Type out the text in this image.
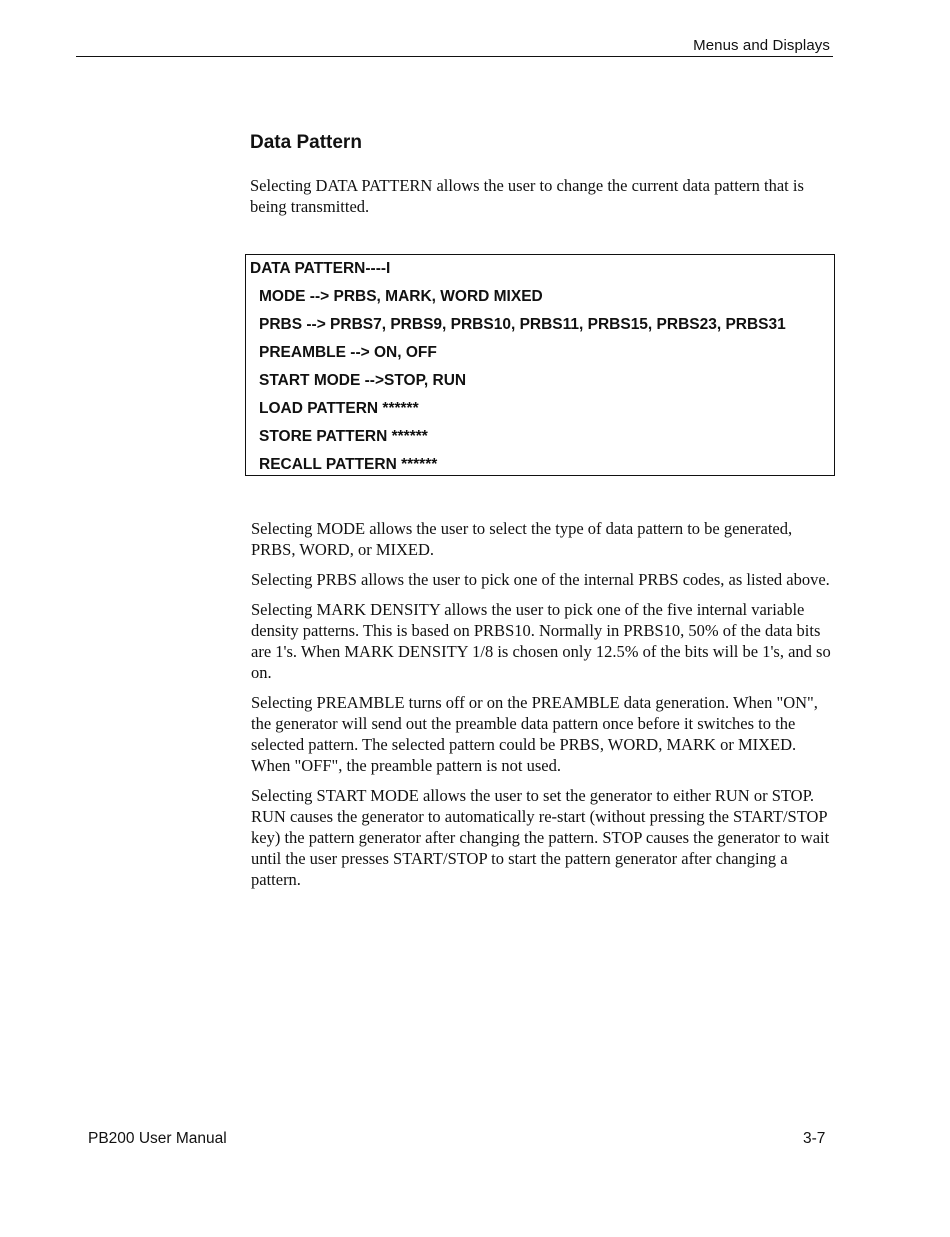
Menus and Displays
Data Pattern

Selecting DATA PATTERN allows the user to change the current data pattern that is being transmitted.

DATA PATTERN----I
MODE --> PRBS, MARK, WORD MIXED
PRBS --> PRBS7, PRBS9, PRBS10, PRBS11, PRBS15, PRBS23, PRBS31
PREAMBLE --> ON, OFF
START MODE -->STOP, RUN
LOAD PATTERN ******
STORE PATTERN ******
RECALL PATTERN ******

Selecting MODE allows the user to select the type of data pattern to be generated, PRBS, WORD, or MIXED.

Selecting PRBS allows the user to pick one of the internal PRBS codes, as listed above.

Selecting MARK DENSITY allows the user to pick one of the five internal variable density patterns. This is based on PRBS10. Normally in PRBS10, 50% of the data bits are 1's. When MARK DENSITY 1/8 is chosen only 12.5% of the bits will be 1's, and so on.

Selecting PREAMBLE turns off or on the PREAMBLE data generation. When "ON", the generator will send out the preamble data pattern once before it switches to the selected pattern. The selected pattern could be PRBS, WORD, MARK or MIXED. When "OFF", the preamble pattern is not used.

Selecting START MODE allows the user to set the generator to either RUN or STOP. RUN causes the generator to automatically re-start (without pressing the START/STOP key) the pattern generator after changing the pattern. STOP causes the generator to wait until the user presses START/STOP to start the pattern generator after changing a pattern.

PB200 User Manual	3-7
